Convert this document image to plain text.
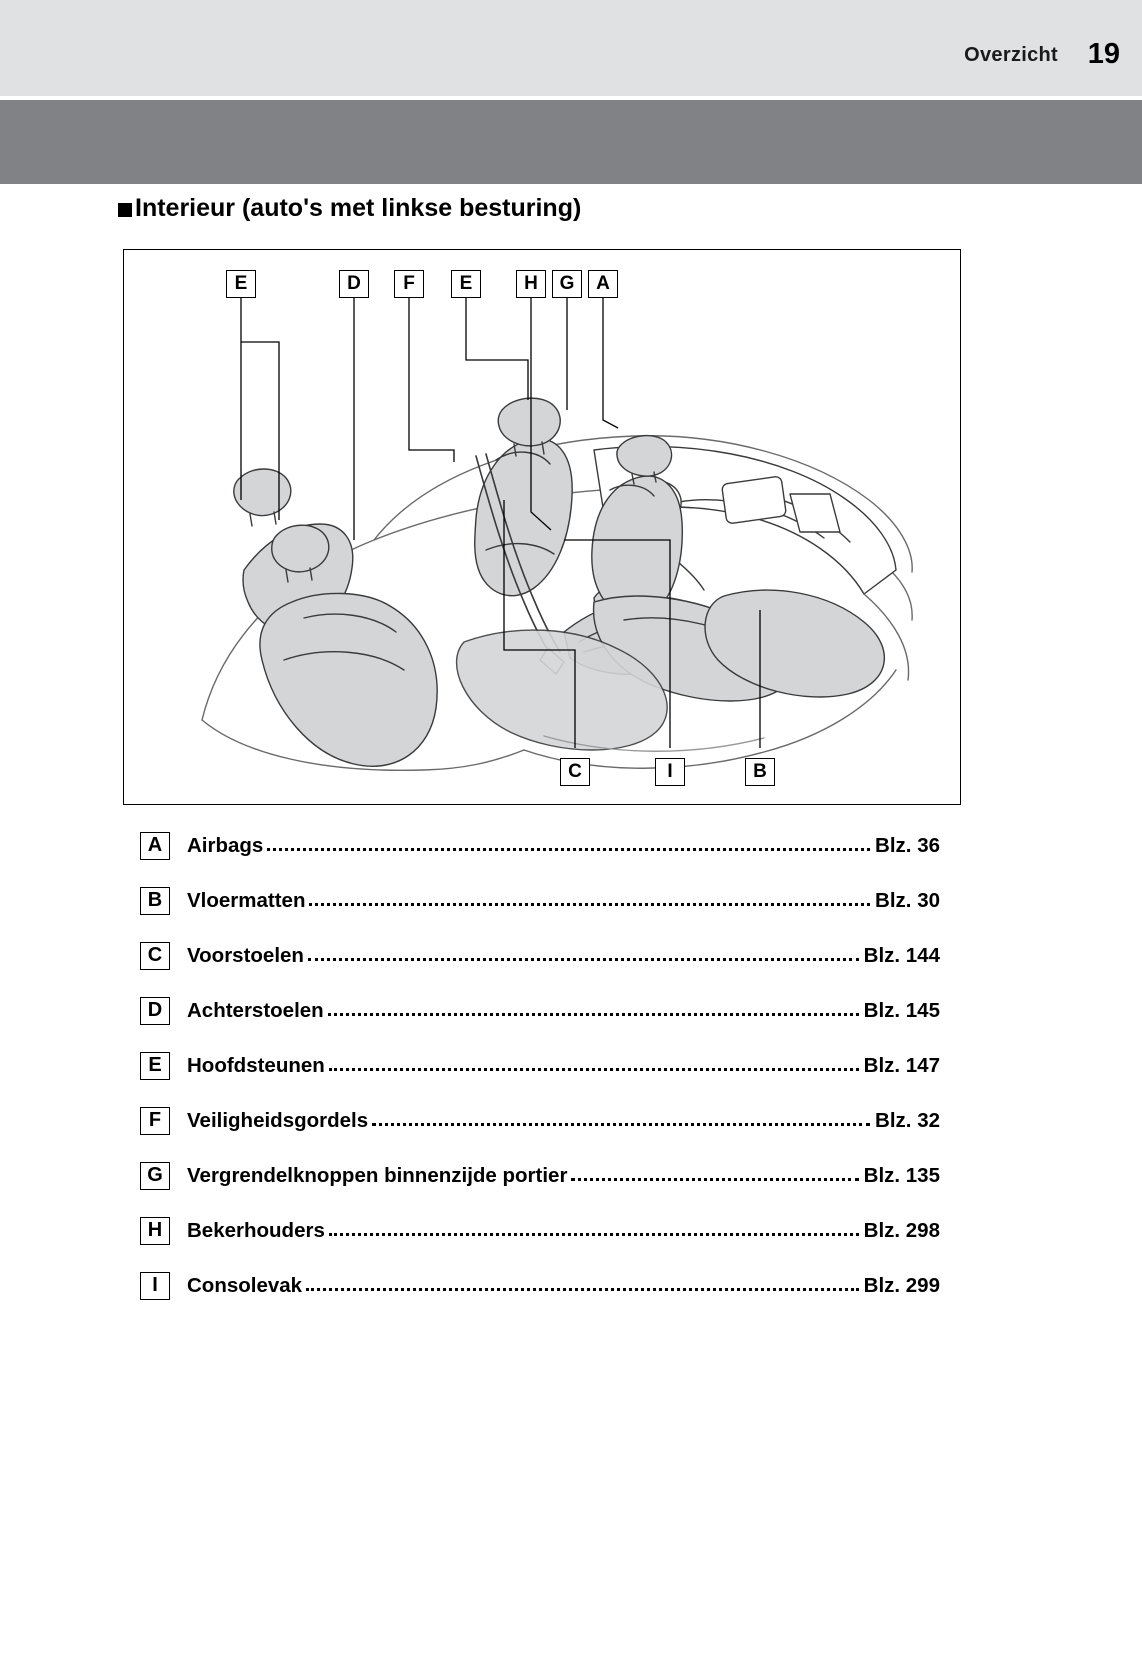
Overzicht 19
Interieur (auto's met linkse besturing)
E	D	F	E	H	G	A
C	I	B
A	Airbags	Blz. 36
B	Vloermatten	Blz. 30
C	Voorstoelen	Blz. 144
D	Achterstoelen	Blz. 145
E	Hoofdsteunen	Blz. 147
F	Veiligheidsgordels	Blz. 32
G	Vergrendelknoppen binnenzijde portier	Blz. 135
H	Bekerhouders	Blz. 298
I	Consolevak	Blz. 299
